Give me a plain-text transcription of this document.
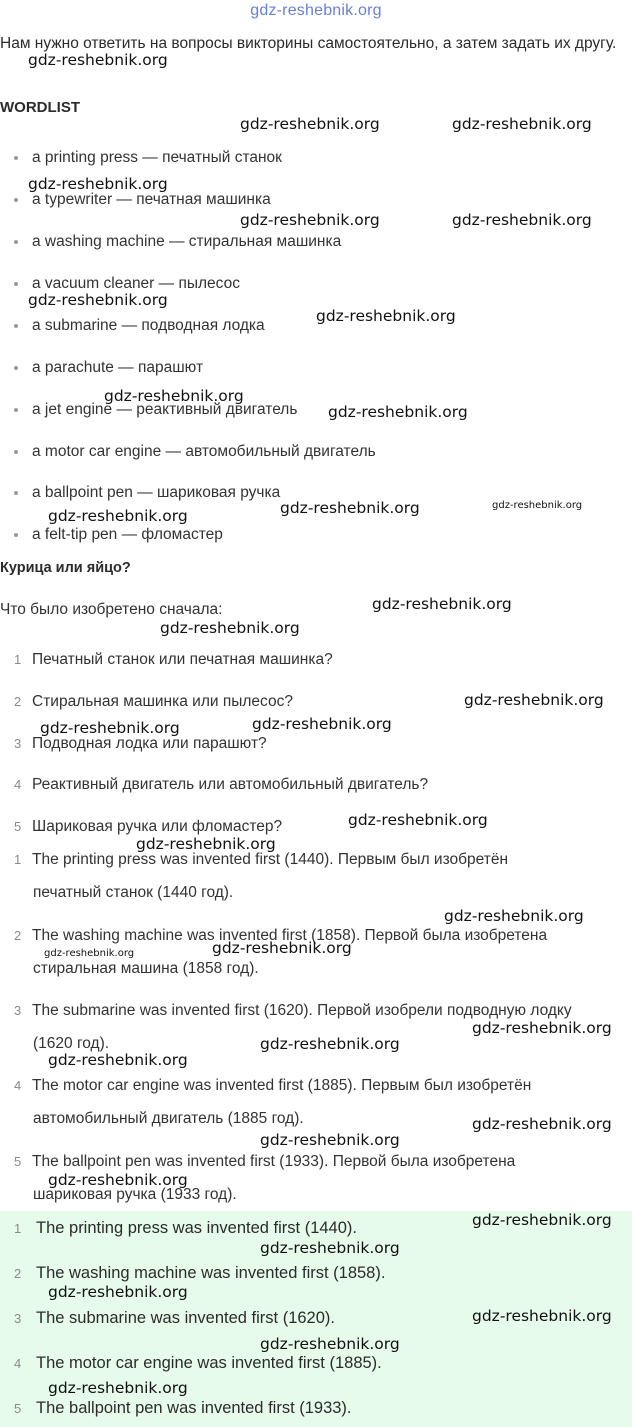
gdz-reshebnik.org
Нам нужно ответить на вопросы викторины самостоятельно, а затем задать их другу.
WORDLIST
a printing press — печатный станок
a typewriter — печатная машинка
a washing machine — стиральная машинка
a vacuum cleaner — пылесос
a submarine — подводная лодка
a parachute — парашют
a jet engine — реактивный двигатель
a motor car engine — автомобильный двигатель
a ballpoint pen — шариковая ручка
a felt-tip pen — фломастер
Курица или яйцо?
Что было изобретено сначала:
1 Печатный станок или печатная машинка?
2 Стиральная машинка или пылесос?
3 Подводная лодка или парашют?
4 Реактивный двигатель или автомобильный двигатель?
5 Шариковая ручка или фломастер?
1 The printing press was invented first (1440). Первым был изобретён
печатный станок (1440 год).
2 The washing machine was invented first (1858). Первой была изобретена
стиральная машина (1858 год).
3 The submarine was invented first (1620). Первой изобрели подводную лодку
(1620 год).
4 The motor car engine was invented first (1885). Первым был изобретён
автомобильный двигатель (1885 год).
5 The ballpoint pen was invented first (1933). Первой была изобретена
шариковая ручка (1933 год).
1 The printing press was invented first (1440).
2 The washing machine was invented first (1858).
3 The submarine was invented first (1620).
4 The motor car engine was invented first (1885).
5 The ballpoint pen was invented first (1933).
gdz-reshebnik.org
gdz-reshebnik.org	gdz-reshebnik.org
gdz-reshebnik.org
gdz-reshebnik.org	gdz-reshebnik.org
gdz-reshebnik.org
gdz-reshebnik.org
gdz-reshebnik.org
gdz-reshebnik.org
gdz-reshebnik.org
gdz-reshebnik.org
gdz-reshebnik.org
gdz-reshebnik.org
gdz-reshebnik.org
gdz-reshebnik.org
gdz-reshebnik.org	gdz-reshebnik.org
gdz-reshebnik.org
gdz-reshebnik.org
gdz-reshebnik.org
gdz-reshebnik.org	gdz-reshebnik.org
gdz-reshebnik.org
gdz-reshebnik.org
gdz-reshebnik.org
gdz-reshebnik.org
gdz-reshebnik.org
gdz-reshebnik.org
gdz-reshebnik.org
gdz-reshebnik.org
gdz-reshebnik.org
gdz-reshebnik.org
gdz-reshebnik.org
gdz-reshebnik.org
